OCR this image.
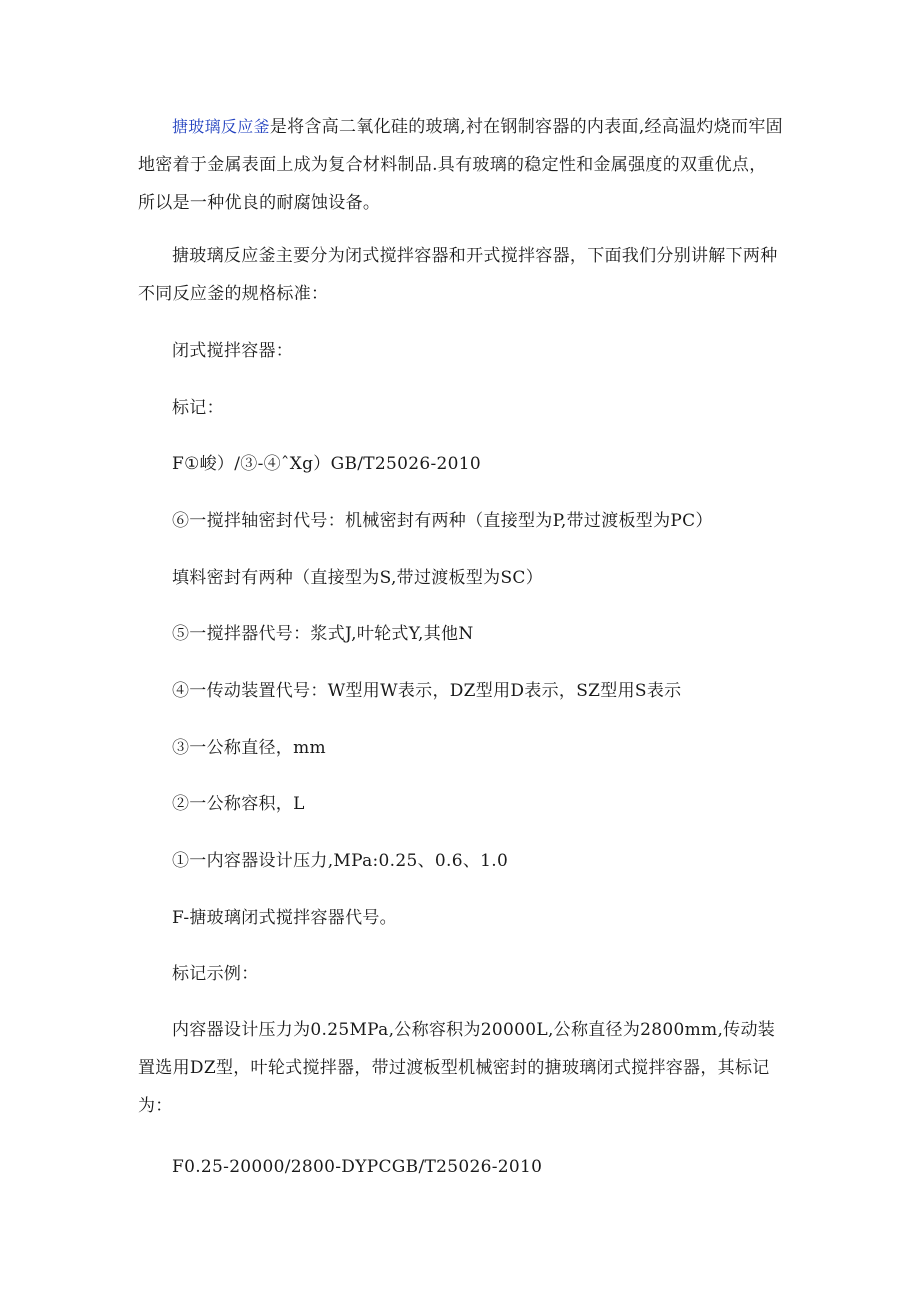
搪玻璃反应釜是将含高二氧化硅的玻璃,衬在钢制容器的内表面,经高温灼烧而牢固地密着于金属表面上成为复合材料制品.具有玻璃的稳定性和金属强度的双重优点，所以是一种优良的耐腐蚀设备。

搪玻璃反应釜主要分为闭式搅拌容器和开式搅拌容器，下面我们分别讲解下两种不同反应釜的规格标准：

闭式搅拌容器：

标记：

F①峻）/③-④ˆXg）GB/T25026-2010

⑥一搅拌轴密封代号：机械密封有两种（直接型为P,带过渡板型为PC）

填料密封有两种（直接型为S,带过渡板型为SC）

⑤一搅拌器代号：浆式J,叶轮式Y,其他N

④一传动装置代号：W型用W表示，DZ型用D表示，SZ型用S表示

③一公称直径，mm

②一公称容积，L

①一内容器设计压力,MPa:0.25、0.6、1.0

F-搪玻璃闭式搅拌容器代号。

标记示例：

内容器设计压力为0.25MPa,公称容积为20000L,公称直径为2800mm,传动装置选用DZ型，叶轮式搅拌器，带过渡板型机械密封的搪玻璃闭式搅拌容器，其标记为：

F0.25-20000/2800-DYPCGB/T25026-2010
